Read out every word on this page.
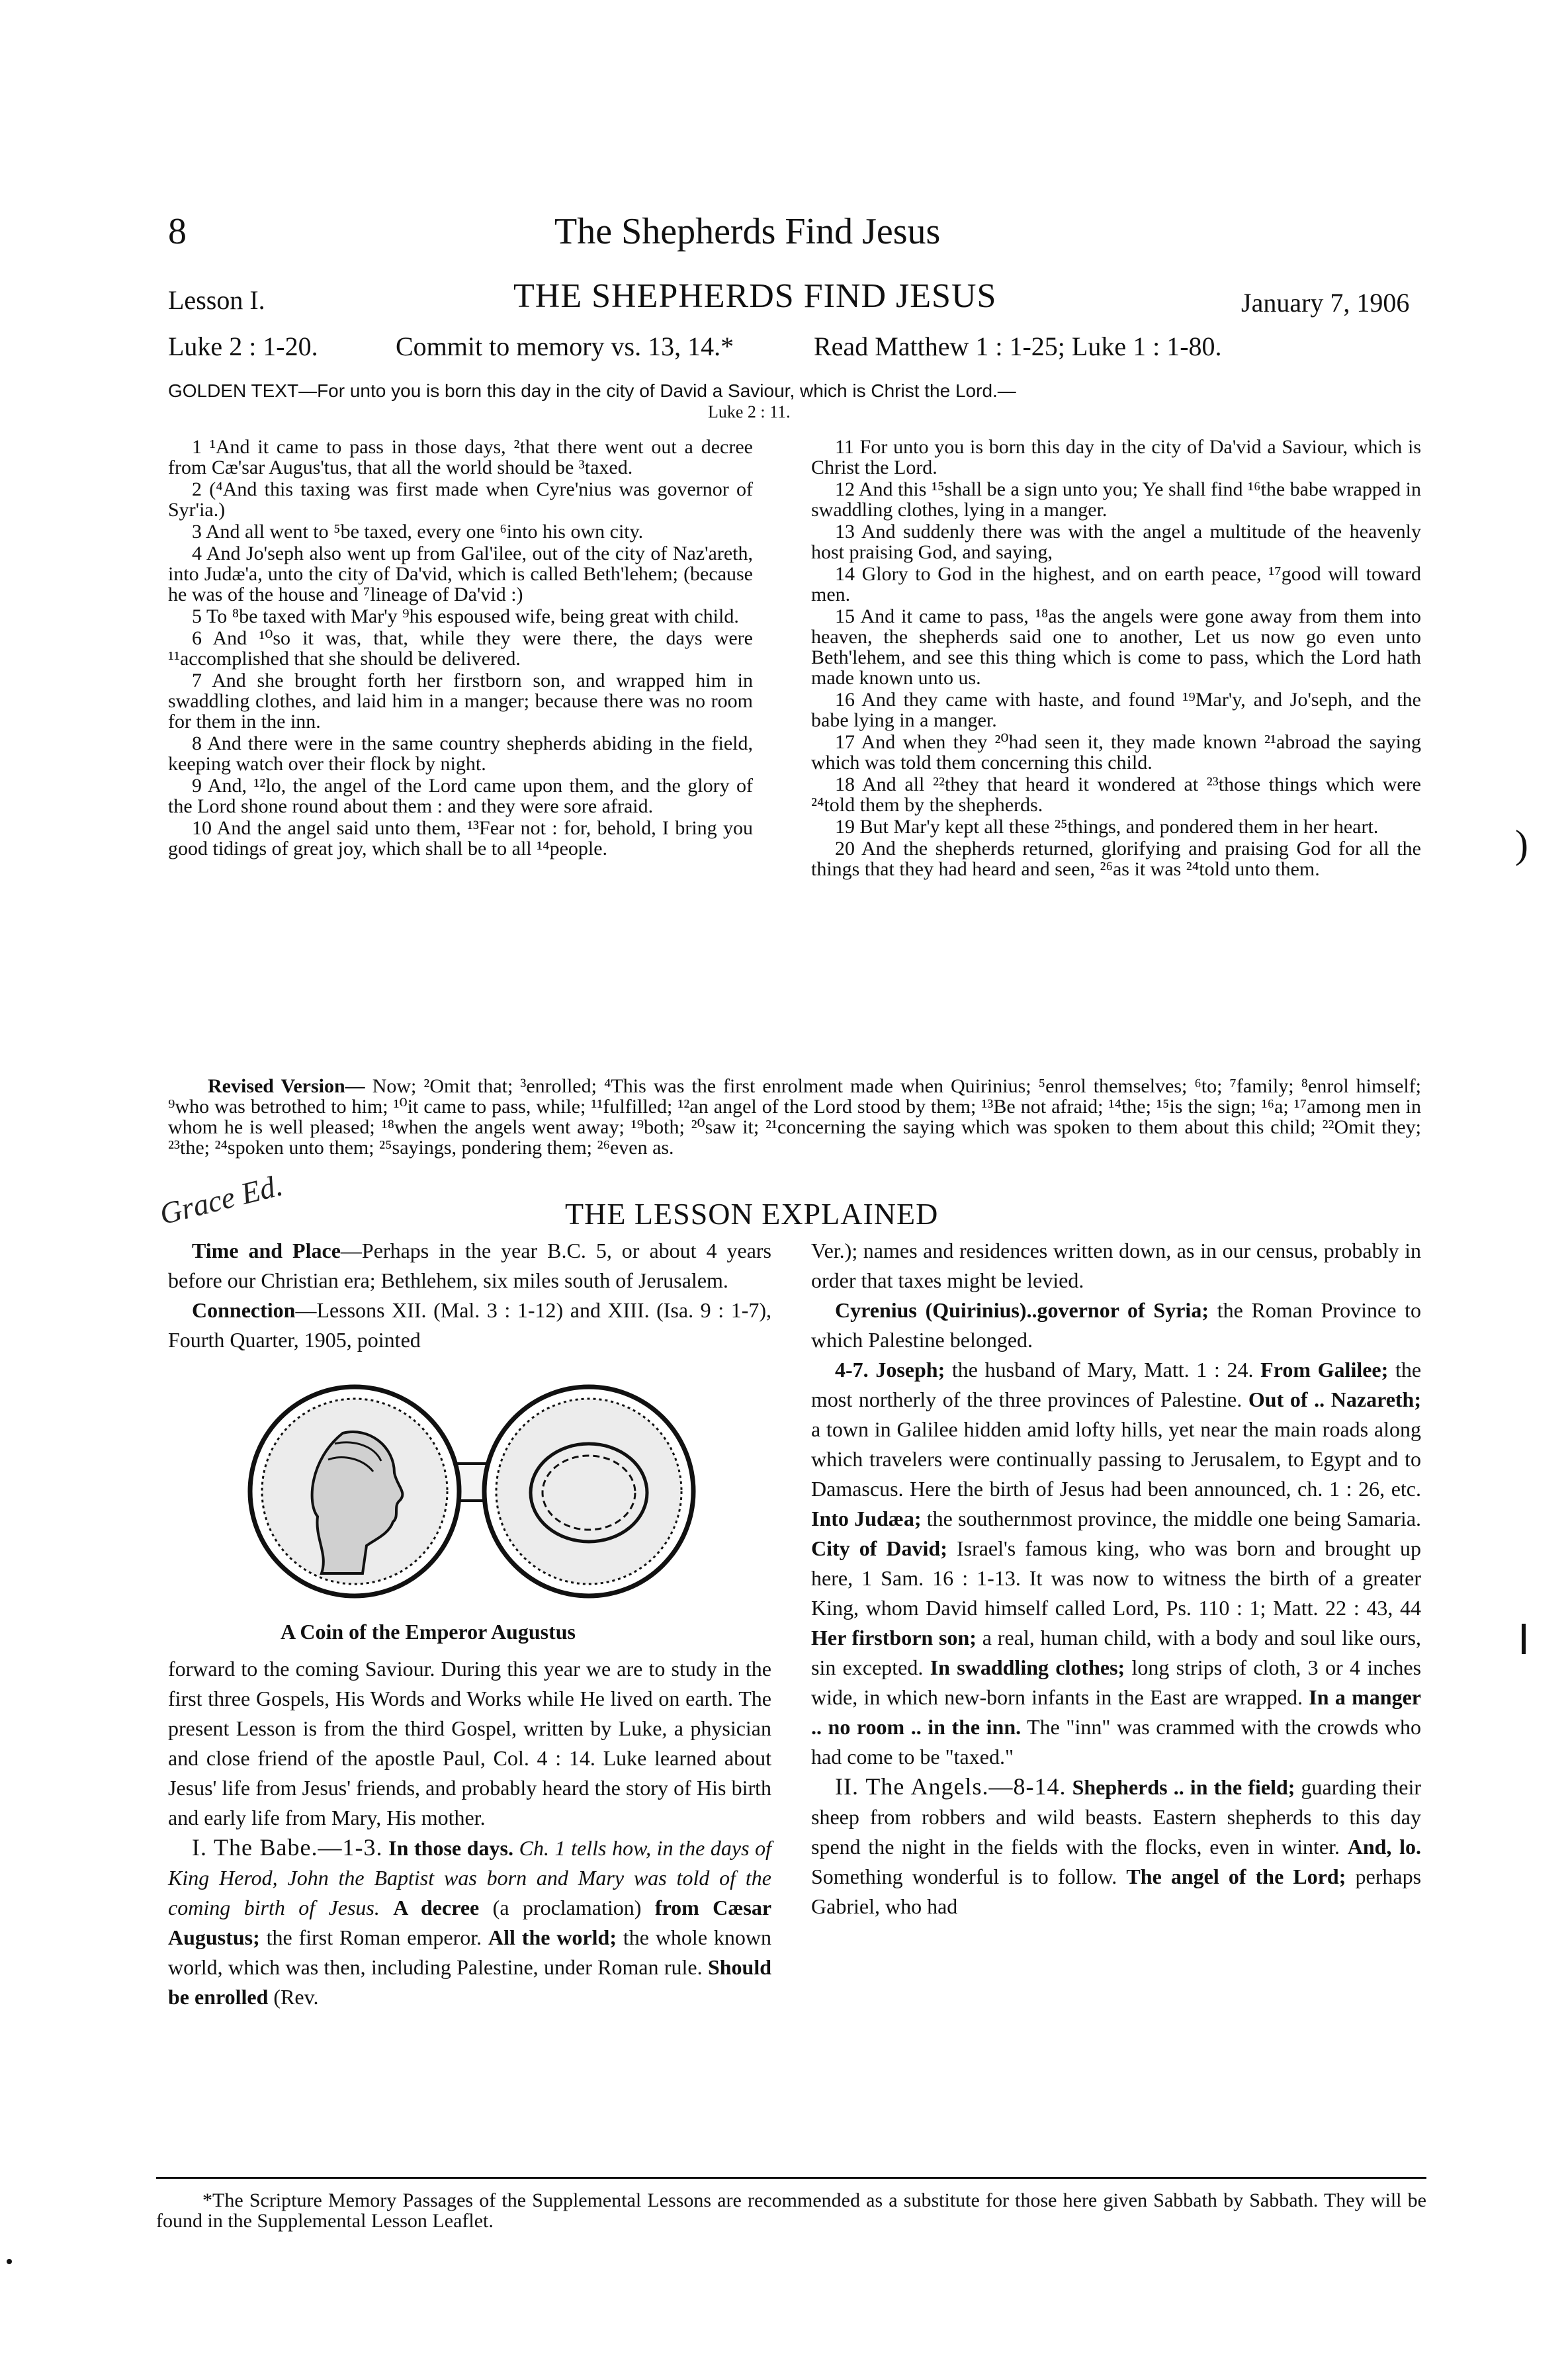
8	The Shepherds Find Jesus
Lesson I.	THE SHEPHERDS FIND JESUS	January 7, 1906
Luke 2 : 1-20.	Commit to memory vs. 13, 14.*	Read Matthew 1 : 1-25; Luke 1 : 1-80.
GOLDEN TEXT—For unto you is born this day in the city of David a Saviour, which is Christ the Lord.—
Luke 2 : 11.

1 ¹And it came to pass in those days, ²that there went out a decree from Cæ'sar Augus'tus, that all the world should be ³taxed.

2 (⁴And this taxing was first made when Cyre'nius was governor of Syr'ia.)

3 And all went to ⁵be taxed, every one ⁶into his own city.

4 And Jo'seph also went up from Gal'ilee, out of the city of Naz'areth, into Judæ'a, unto the city of Da'vid, which is called Beth'lehem; (because he was of the house and ⁷lineage of Da'vid :)

5 To ⁸be taxed with Mar'y ⁹his espoused wife, being great with child.

6 And ¹⁰so it was, that, while they were there, the days were ¹¹accomplished that she should be delivered.

7 And she brought forth her firstborn son, and wrapped him in swaddling clothes, and laid him in a manger; because there was no room for them in the inn.

8 And there were in the same country shepherds abiding in the field, keeping watch over their flock by night.

9 And, ¹²lo, the angel of the Lord came upon them, and the glory of the Lord shone round about them : and they were sore afraid.

10 And the angel said unto them, ¹³Fear not : for, behold, I bring you good tidings of great joy, which shall be to all ¹⁴people.

11 For unto you is born this day in the city of Da'vid a Saviour, which is Christ the Lord.

12 And this ¹⁵shall be a sign unto you; Ye shall find ¹⁶the babe wrapped in swaddling clothes, lying in a manger.

13 And suddenly there was with the angel a multitude of the heavenly host praising God, and saying,

14 Glory to God in the highest, and on earth peace, ¹⁷good will toward men.

15 And it came to pass, ¹⁸as the angels were gone away from them into heaven, the shepherds said one to another, Let us now go even unto Beth'lehem, and see this thing which is come to pass, which the Lord hath made known unto us.

16 And they came with haste, and found ¹⁹Mar'y, and Jo'seph, and the babe lying in a manger.

17 And when they ²⁰had seen it, they made known ²¹abroad the saying which was told them concerning this child.

18 And all ²²they that heard it wondered at ²³those things which were ²⁴told them by the shepherds.

19 But Mar'y kept all these ²⁵things, and pondered them in her heart.

20 And the shepherds returned, glorifying and praising God for all the things that they had heard and seen, ²⁶as it was ²⁴told unto them.

Revised Version— Now; ²Omit that; ³enrolled; ⁴This was the first enrolment made when Quirinius; ⁵enrol themselves; ⁶to; ⁷family; ⁸enrol himself; ⁹who was betrothed to him; ¹⁰it came to pass, while; ¹¹fulfilled; ¹²an angel of the Lord stood by them; ¹³Be not afraid; ¹⁴the; ¹⁵is the sign; ¹⁶a; ¹⁷among men in whom he is well pleased; ¹⁸when the angels went away; ¹⁹both; ²⁰saw it; ²¹concerning the saying which was spoken to them about this child; ²²Omit they; ²³the; ²⁴spoken unto them; ²⁵sayings, pondering them; ²⁶even as.
Grace Ed.	THE LESSON EXPLAINED

Time and Place—Perhaps in the year B.C. 5, or about 4 years before our Christian era; Bethlehem, six miles south of Jerusalem.

Connection—Lessons XII. (Mal. 3 : 1-12) and XIII. (Isa. 9 : 1-7), Fourth Quarter, 1905, pointed

A Coin of the Emperor Augustus

forward to the coming Saviour. During this year we are to study in the first three Gospels, His Words and Works while He lived on earth. The present Lesson is from the third Gospel, written by Luke, a physician and close friend of the apostle Paul, Col. 4 : 14. Luke learned about Jesus' life from Jesus' friends, and probably heard the story of His birth and early life from Mary, His mother.

I. The Babe.—1-3. In those days. Ch. 1 tells how, in the days of King Herod, John the Baptist was born and Mary was told of the coming birth of Jesus. A decree (a proclamation) from Cæsar Augustus; the first Roman emperor. All the world; the whole known world, which was then, including Palestine, under Roman rule. Should be enrolled (Rev.

Ver.); names and residences written down, as in our census, probably in order that taxes might be levied.

Cyrenius (Quirinius)..governor of Syria; the Roman Province to which Palestine belonged.

4-7. Joseph; the husband of Mary, Matt. 1 : 24. From Galilee; the most northerly of the three provinces of Palestine. Out of .. Nazareth; a town in Galilee hidden amid lofty hills, yet near the main roads along which travelers were continually passing to Jerusalem, to Egypt and to Damascus. Here the birth of Jesus had been announced, ch. 1 : 26, etc. Into Judæa; the southernmost province, the middle one being Samaria. City of David; Israel's famous king, who was born and brought up here, 1 Sam. 16 : 1-13. It was now to witness the birth of a greater King, whom David himself called Lord, Ps. 110 : 1; Matt. 22 : 43, 44 Her firstborn son; a real, human child, with a body and soul like ours, sin excepted. In swaddling clothes; long strips of cloth, 3 or 4 inches wide, in which new-born infants in the East are wrapped. In a manger .. no room .. in the inn. The "inn" was crammed with the crowds who had come to be "taxed."

II. The Angels.—8-14. Shepherds .. in the field; guarding their sheep from robbers and wild beasts. Eastern shepherds to this day spend the night in the fields with the flocks, even in winter. And, lo. Something wonderful is to follow. The angel of the Lord; perhaps Gabriel, who had

*The Scripture Memory Passages of the Supplemental Lessons are recommended as a substitute for those here given Sabbath by Sabbath. They will be found in the Supplemental Lesson Leaflet.
)
